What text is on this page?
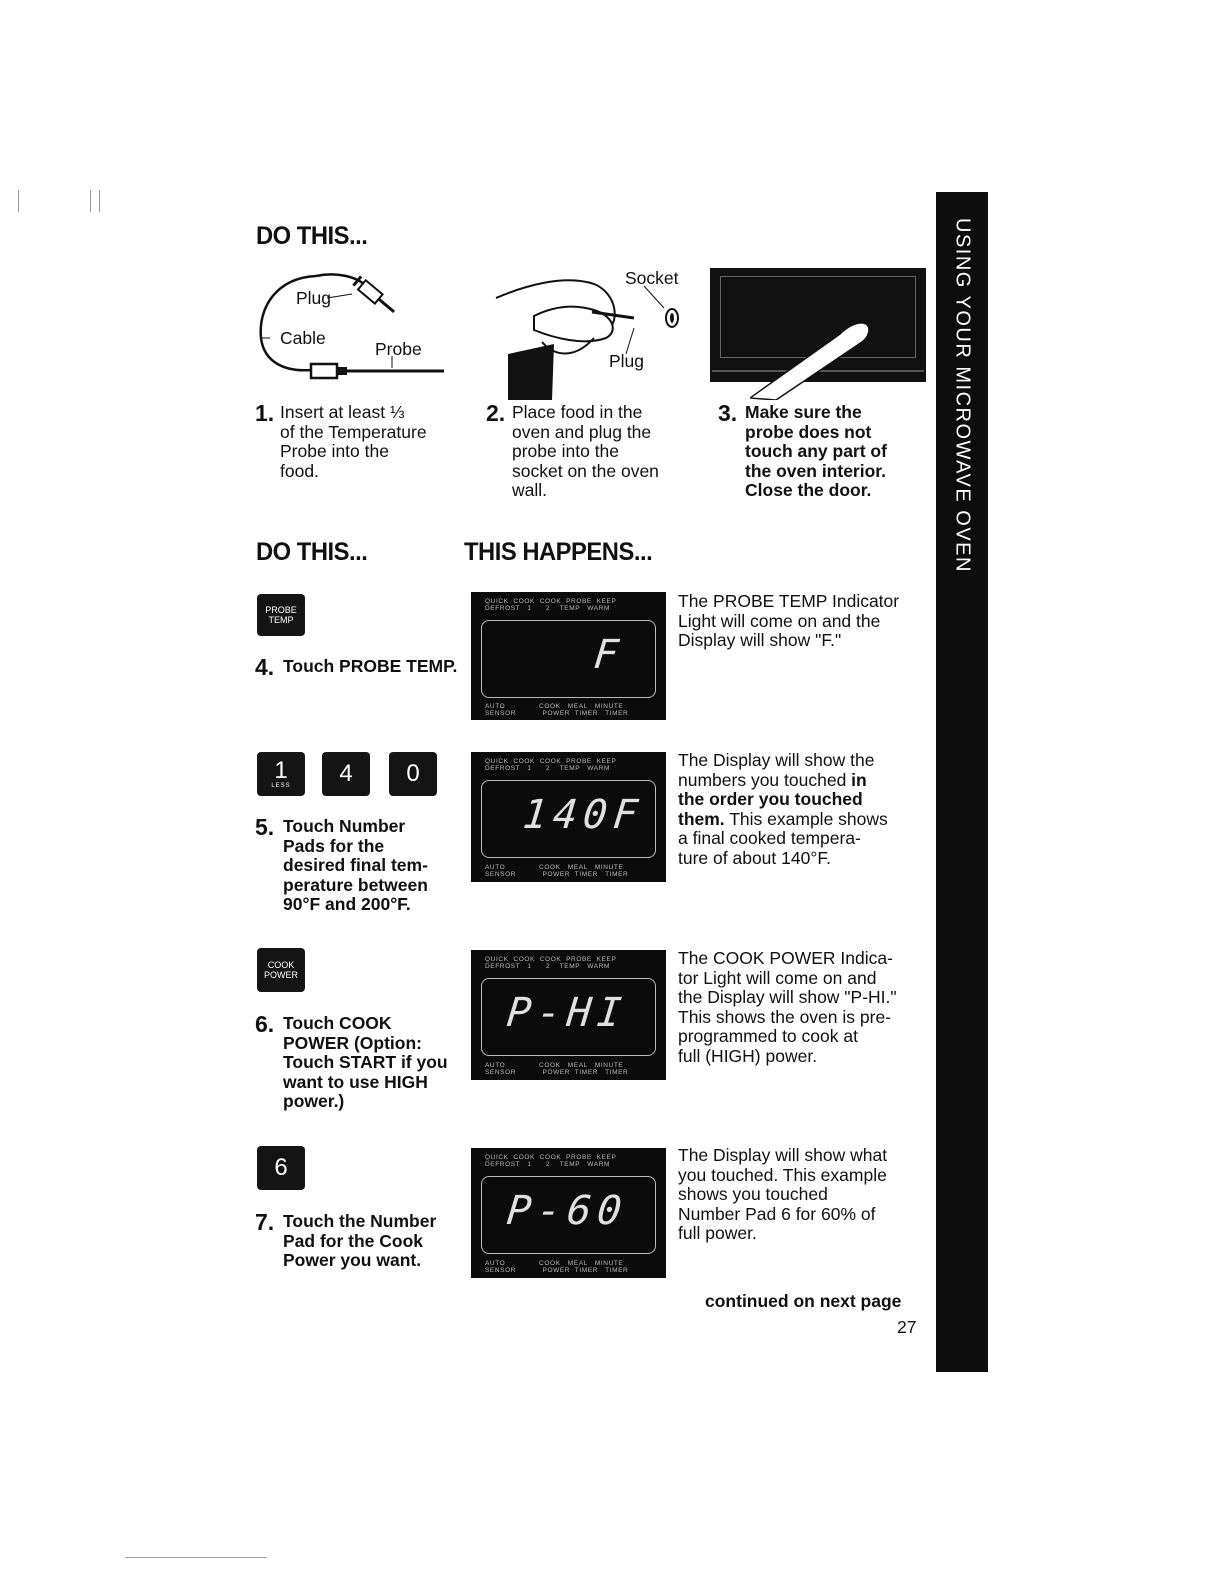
USING YOUR MICROWAVE OVEN
DO THIS...
Plug
Cable
Probe
Socket
Plug
1. Insert at least ⅓
of the Temperature
Probe into the
food.
2. Place food in the
oven and plug the
probe into the
socket on the oven
wall.
3. Make sure the
probe does not
touch any part of
the oven interior.
Close the door.
DO THIS...	THIS HAPPENS...
PROBE
TEMP
4. Touch PROBE TEMP.
QUICK  COOK  COOK  PROBE  KEEP
DEFROST   1      2    TEMP   WARM
F
AUTO              COOK   MEAL   MINUTE
SENSOR           POWER  TIMER   TIMER
The PROBE TEMP Indicator
Light will come on and the
Display will show "F."
1
LESS 4 0
5. Touch Number
Pads for the
desired final tem-
perature between
90°F and 200°F.
QUICK  COOK  COOK  PROBE  KEEP
DEFROST   1      2    TEMP   WARM
140F
AUTO              COOK   MEAL   MINUTE
SENSOR           POWER  TIMER   TIMER
The Display will show the
numbers you touched in
the order you touched
them. This example shows
a final cooked tempera-
ture of about 140°F.
COOK
POWER
6. Touch COOK
POWER (Option:
Touch START if you
want to use HIGH
power.)
QUICK  COOK  COOK  PROBE  KEEP
DEFROST   1      2    TEMP   WARM
P-HI
AUTO              COOK   MEAL   MINUTE
SENSOR           POWER  TIMER   TIMER
The COOK POWER Indica-
tor Light will come on and
the Display will show "P-HI."
This shows the oven is pre-
programmed to cook at
full (HIGH) power.
6
7. Touch the Number
Pad for the Cook
Power you want.
QUICK  COOK  COOK  PROBE  KEEP
DEFROST   1      2    TEMP   WARM
P-60
AUTO              COOK   MEAL   MINUTE
SENSOR           POWER  TIMER   TIMER
The Display will show what
you touched. This example
shows you touched
Number Pad 6 for 60% of
full power.
continued on next page
27
